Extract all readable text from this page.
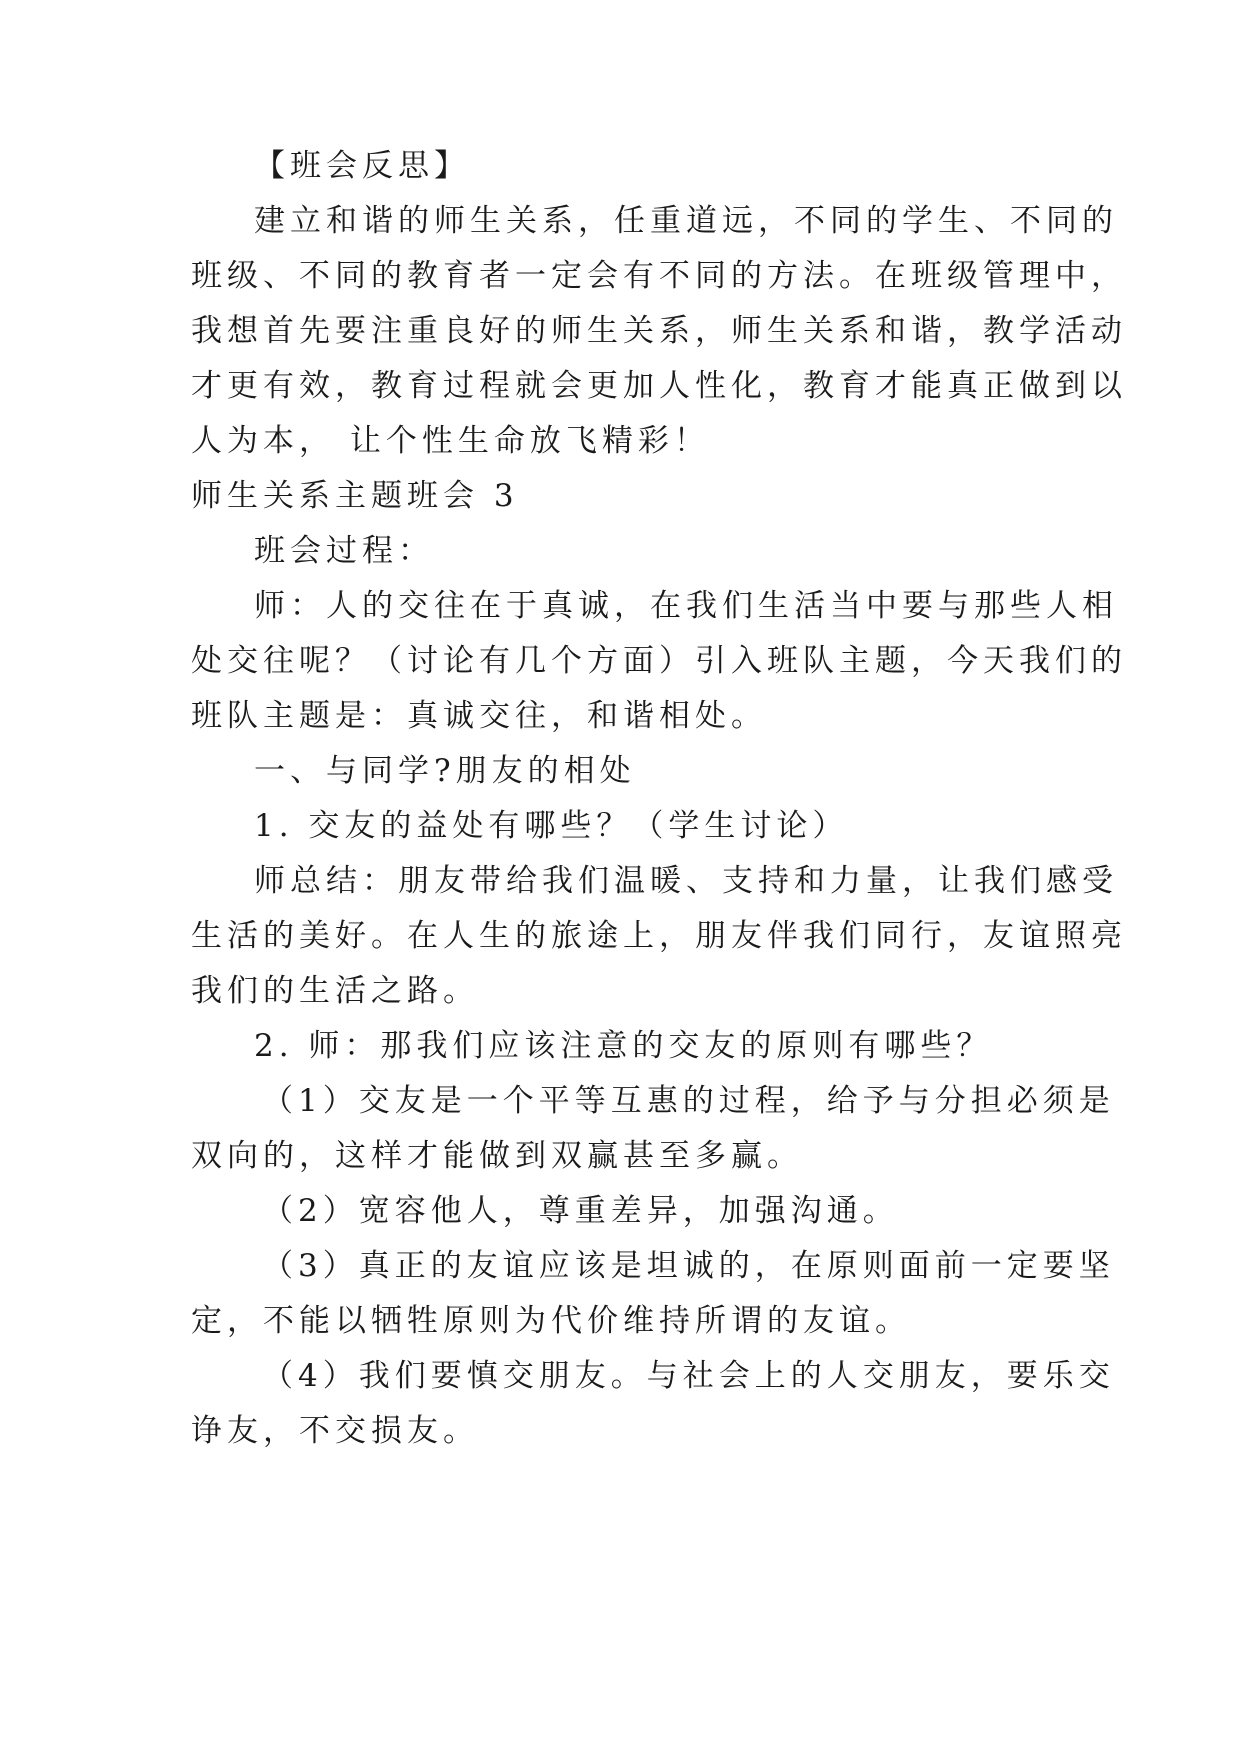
【班会反思】

建立和谐的师生关系，任重道远，不同的学生、不同的

班级、不同的教育者一定会有不同的方法。在班级管理中，

我想首先要注重良好的师生关系，师生关系和谐，教学活动

才更有效，教育过程就会更加人性化，教育才能真正做到以

人为本， 让个性生命放飞精彩！

师生关系主题班会 3

班会过程：

师：人的交往在于真诚，在我们生活当中要与那些人相

处交往呢？（讨论有几个方面）引入班队主题，今天我们的

班队主题是：真诚交往，和谐相处。

一、与同学?朋友的相处

1. 交友的益处有哪些？（学生讨论）

师总结：朋友带给我们温暖、支持和力量，让我们感受

生活的美好。在人生的旅途上，朋友伴我们同行，友谊照亮

我们的生活之路。

2. 师：那我们应该注意的交友的原则有哪些？

（1）交友是一个平等互惠的过程，给予与分担必须是

双向的，这样才能做到双赢甚至多赢。

（2）宽容他人，尊重差异，加强沟通。

（3）真正的友谊应该是坦诚的，在原则面前一定要坚

定，不能以牺牲原则为代价维持所谓的友谊。

（4）我们要慎交朋友。与社会上的人交朋友，要乐交

诤友，不交损友。
